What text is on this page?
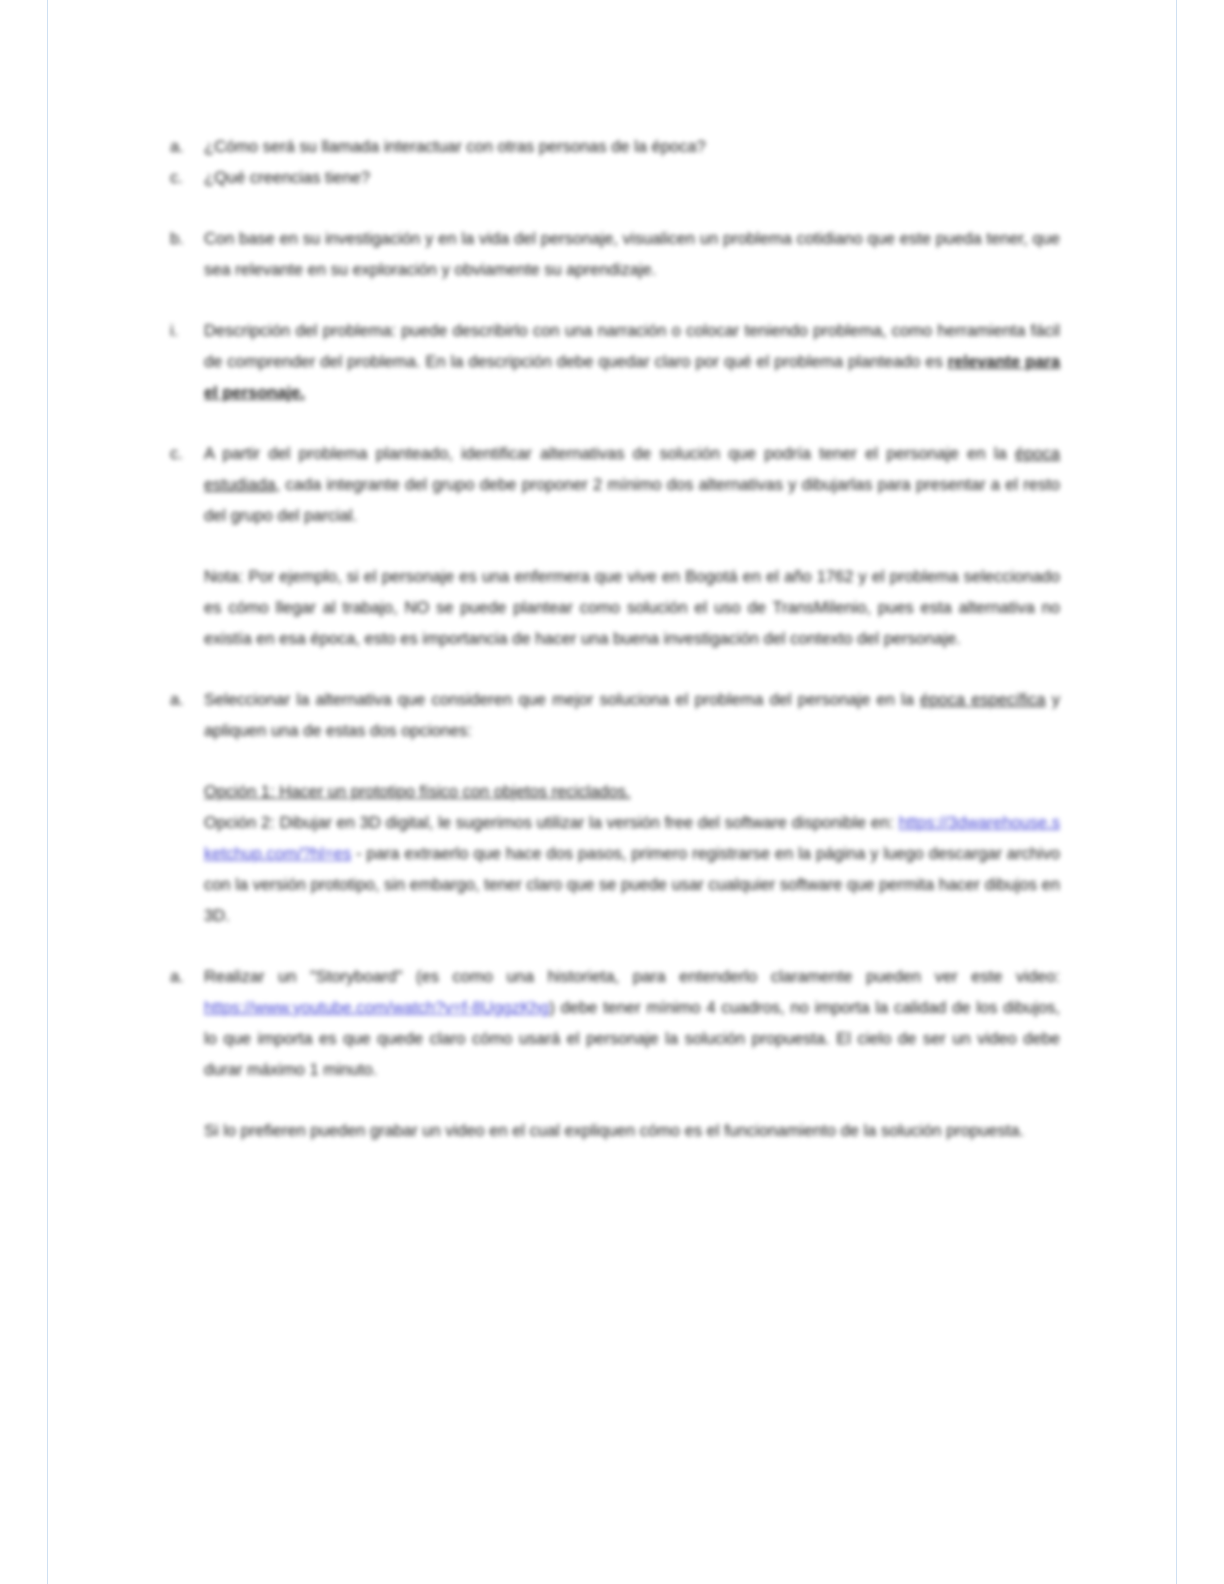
a.	¿Cómo será su llamada interactuar con otras personas de la época?
c.	¿Qué creencias tiene?
b.	Con base en su investigación y en la vida del personaje, visualicen un problema cotidiano que este pueda tener, que sea relevante en su exploración y obviamente su aprendizaje.
i.	Descripción del problema: puede describirlo con una narración o colocar teniendo problema, como herramienta fácil de comprender del problema. En la descripción debe quedar claro por qué el problema planteado es relevante para el personaje.
c.	A partir del problema planteado, identificar alternativas de solución que podría tener el personaje en la época estudiada, cada integrante del grupo debe proponer 2 mínimo dos alternativas y dibujarlas para presentar a el resto del grupo del parcial.
Nota: Por ejemplo, si el personaje es una enfermera que vive en Bogotá en el año 1762 y el problema seleccionado es cómo llegar al trabajo, NO se puede plantear como solución el uso de TransMilenio, pues esta alternativa no existía en esa época, esto es importancia de hacer una buena investigación del contexto del personaje.
a.	Seleccionar la alternativa que consideren que mejor soluciona el problema del personaje en la época específica y apliquen una de estas dos opciones:
Opción 1: Hacer un prototipo físico con objetos reciclados.
Opción 2: Dibujar en 3D digital, le sugerimos utilizar la versión free del software disponible en: https://3dwarehouse.sketchup.com/?hl=es - para extraerlo que hace dos pasos, primero registrarse en la página y luego descargar archivo con la versión prototipo, sin embargo, tener claro que se puede usar cualquier software que permita hacer dibujos en 3D.
a.	Realizar un "Storyboard" (es como una historieta, para entenderlo claramente pueden ver este video:
https://www.youtube.com/watch?v=f-8UggzKhg) debe tener mínimo 4 cuadros, no importa la calidad de los dibujos, lo que importa es que quede claro cómo usará el personaje la solución propuesta. El cielo de ser un video debe durar máximo 1 minuto.
Si lo prefieren pueden grabar un video en el cual expliquen cómo es el funcionamiento de la solución propuesta.
